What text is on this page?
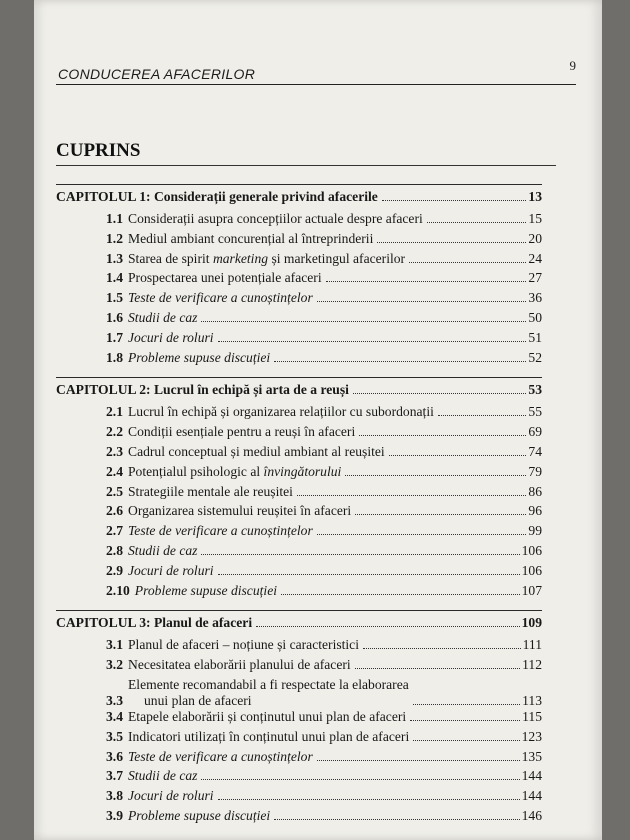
CONDUCEREA AFACERILOR
9
CUPRINS
CAPITOLUL 1: Considerații generale privind afacerile	13
1.1 Considerații asupra concepțiilor actuale despre afaceri	15
1.2 Mediul ambiant concurențial al întreprinderii	20
1.3 Starea de spirit marketing și marketingul afacerilor	24
1.4 Prospectarea unei potențiale afaceri	27
1.5 Teste de verificare a cunoștințelor	36
1.6 Studii de caz	50
1.7 Jocuri de roluri	51
1.8 Probleme supuse discuției	52
CAPITOLUL 2: Lucrul în echipă și arta de a reuși	53
2.1 Lucrul în echipă și organizarea relațiilor cu subordonații	55
2.2 Condiții esențiale pentru a reuși în afaceri	69
2.3 Cadrul conceptual și mediul ambiant al reușitei	74
2.4 Potențialul psihologic al învingătorului	79
2.5 Strategiile mentale ale reușitei	86
2.6 Organizarea sistemului reușitei în afaceri	96
2.7 Teste de verificare a cunoștințelor	99
2.8 Studii de caz	106
2.9 Jocuri de roluri	106
2.10 Probleme supuse discuției	107
CAPITOLUL 3: Planul de afaceri	109
3.1 Planul de afaceri – noțiune și caracteristici	111
3.2 Necesitatea elaborării planului de afaceri	112
3.3
Elemente recomandabil a fi respectate la elaborarea
unui plan de afaceri	113
3.4 Etapele elaborării și conținutul unui plan de afaceri	115
3.5 Indicatori utilizați în conținutul unui plan de afaceri	123
3.6 Teste de verificare a cunoștințelor	135
3.7 Studii de caz	144
3.8 Jocuri de roluri	144
3.9 Probleme supuse discuției	146
